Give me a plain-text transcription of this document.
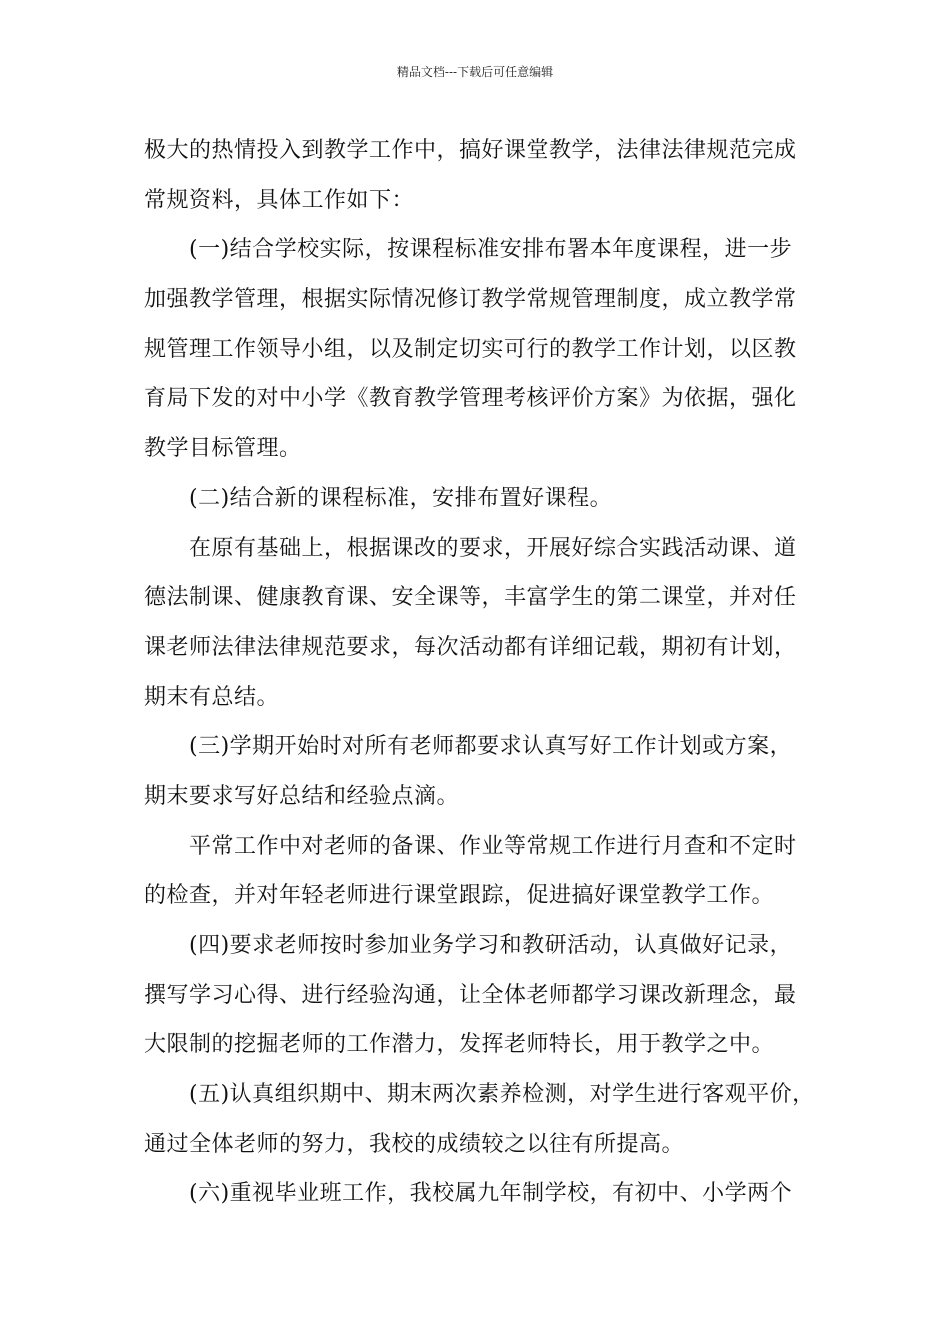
精品文档---下载后可任意编辑
极大的热情投入到教学工作中，搞好课堂教学，法律法律规范完成
常规资料，具体工作如下：
(一)结合学校实际，按课程标准安排布署本年度课程，进一步
加强教学管理，根据实际情况修订教学常规管理制度，成立教学常
规管理工作领导小组，以及制定切实可行的教学工作计划，以区教
育局下发的对中小学《教育教学管理考核评价方案》为依据，强化
教学目标管理。
(二)结合新的课程标准，安排布置好课程。
在原有基础上，根据课改的要求，开展好综合实践活动课、道
德法制课、健康教育课、安全课等，丰富学生的第二课堂，并对任
课老师法律法律规范要求，每次活动都有详细记载，期初有计划，
期末有总结。
(三)学期开始时对所有老师都要求认真写好工作计划或方案，
期末要求写好总结和经验点滴。
平常工作中对老师的备课、作业等常规工作进行月查和不定时
的检查，并对年轻老师进行课堂跟踪，促进搞好课堂教学工作。
(四)要求老师按时参加业务学习和教研活动，认真做好记录，
撰写学习心得、进行经验沟通，让全体老师都学习课改新理念，最
大限制的挖掘老师的工作潜力，发挥老师特长，用于教学之中。
(五)认真组织期中、期末两次素养检测，对学生进行客观平价，
通过全体老师的努力，我校的成绩较之以往有所提高。
(六)重视毕业班工作，我校属九年制学校，有初中、小学两个
